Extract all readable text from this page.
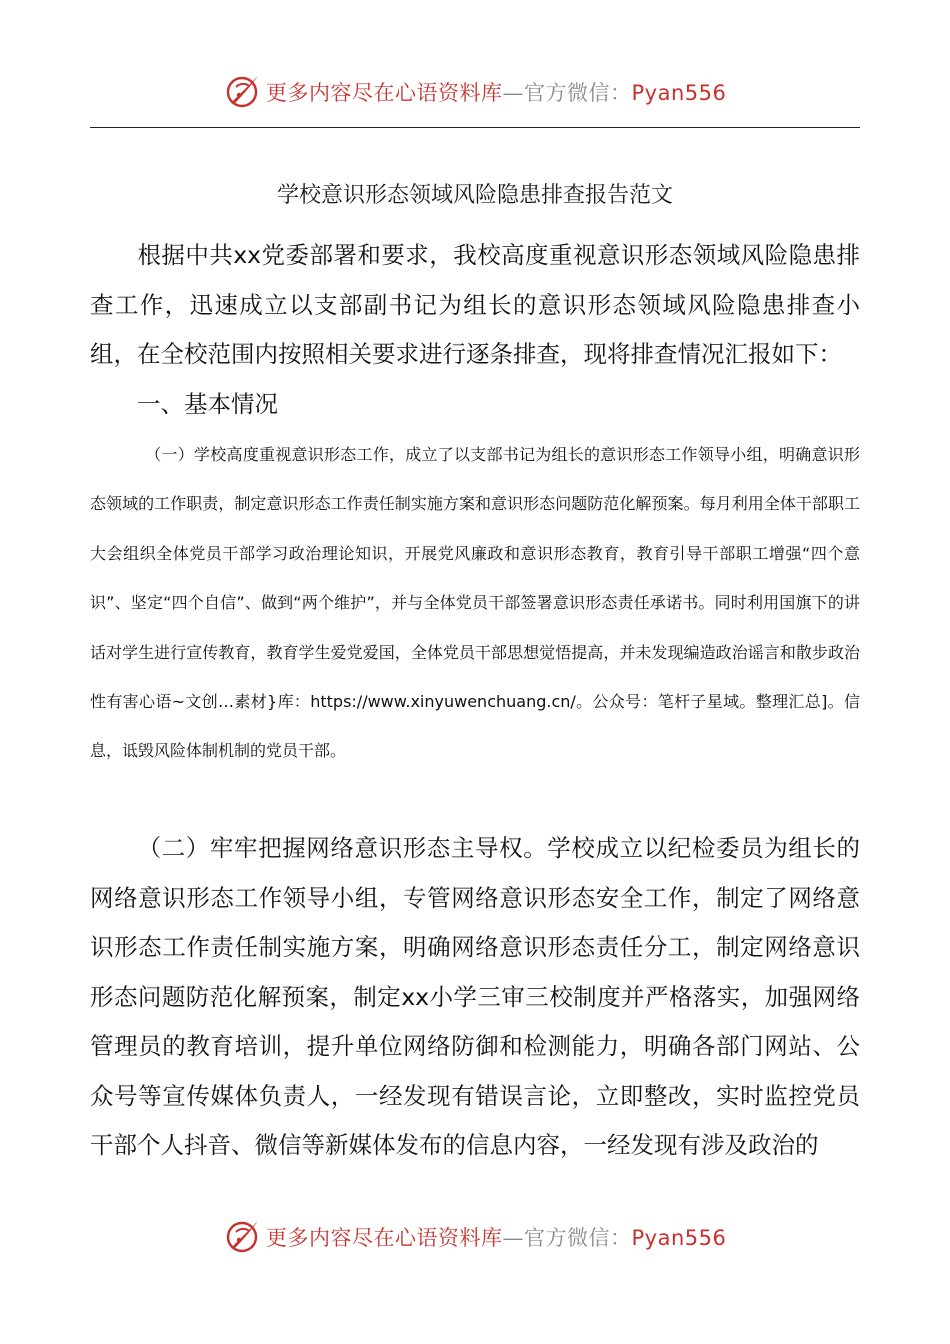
更多内容尽在心语资料库—官方微信：Pyan556
学校意识形态领域风险隐患排查报告范文
根据中共xx党委部署和要求，我校高度重视意识形态领域风险隐患排查工作，迅速成立以支部副书记为组长的意识形态领域风险隐患排查小组，在全校范围内按照相关要求进行逐条排查，现将排查情况汇报如下：
一、基本情况
（一）学校高度重视意识形态工作，成立了以支部书记为组长的意识形态工作领导小组，明确意识形态领域的工作职责，制定意识形态工作责任制实施方案和意识形态问题防范化解预案。每月利用全体干部职工大会组织全体党员干部学习政治理论知识，开展党风廉政和意识形态教育，教育引导干部职工增强“四个意识”、坚定“四个自信”、做到“两个维护”，并与全体党员干部签署意识形态责任承诺书。同时利用国旗下的讲话对学生进行宣传教育，教育学生爱党爱国，全体党员干部思想觉悟提高，并未发现编造政治谣言和散步政治性有害心语~文创…素材}库：https://www.xinyuwenchuang.cn/。公众号：笔杆子星域。整理汇总]。信息，诋毁风险体制机制的党员干部。
（二）牢牢把握网络意识形态主导权。学校成立以纪检委员为组长的网络意识形态工作领导小组，专管网络意识形态安全工作，制定了网络意识形态工作责任制实施方案，明确网络意识形态责任分工，制定网络意识形态问题防范化解预案，制定xx小学三审三校制度并严格落实，加强网络管理员的教育培训，提升单位网络防御和检测能力，明确各部门网站、公众号等宣传媒体负责人，一经发现有错误言论，立即整改，实时监控党员干部个人抖音、微信等新媒体发布的信息内容，一经发现有涉及政治的
更多内容尽在心语资料库—官方微信：Pyan556
